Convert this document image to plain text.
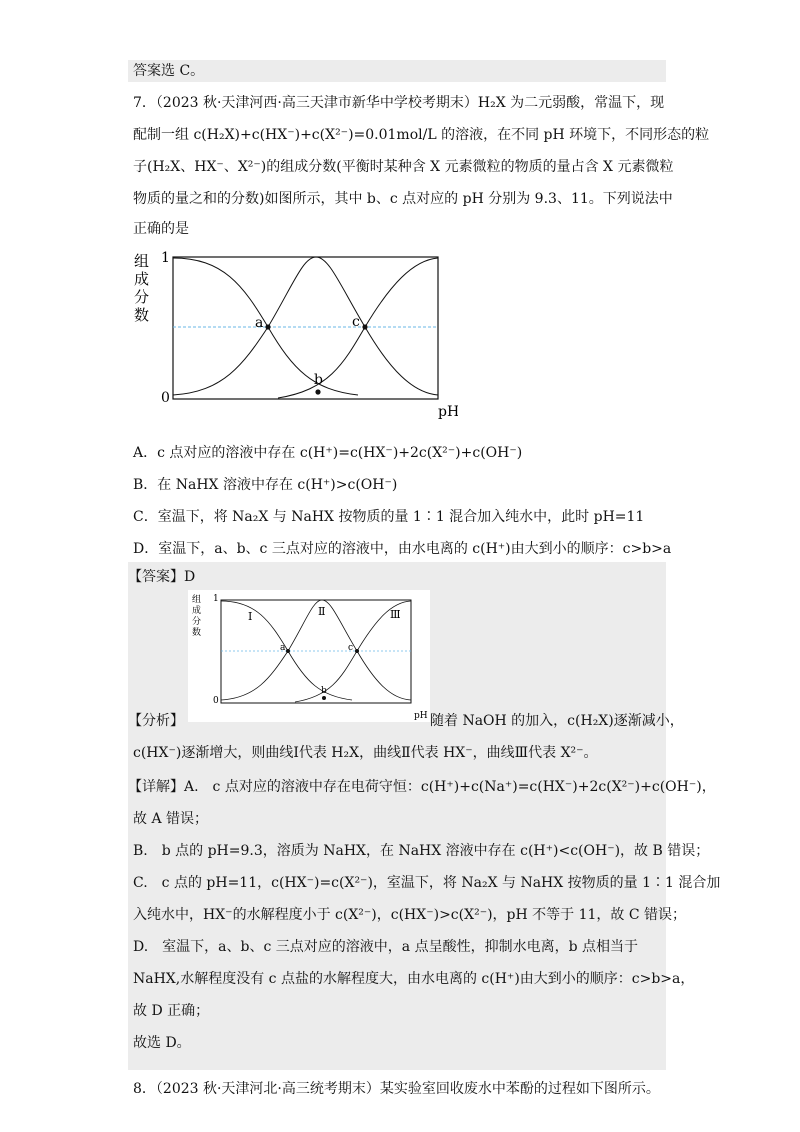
答案选 C。
7．（2023 秋·天津河西·高三天津市新华中学校考期末）H₂X 为二元弱酸，常温下，现
配制一组 c(H₂X)+c(HX⁻)+c(X²⁻)=0.01mol/L 的溶液，在不同 pH 环境下，不同形态的粒
子(H₂X、HX⁻、X²⁻)的组成分数(平衡时某种含 X 元素微粒的物质的量占含 X 元素微粒
物质的量之和的分数)如图所示，其中 b、c 点对应的 pH 分别为 9.3、11。下列说法中
正确的是
组
成
分
数
1
0
a	c
b
pH
A．c 点对应的溶液中存在 c(H⁺)=c(HX⁻)+2c(X²⁻)+c(OH⁻)
B．在 NaHX 溶液中存在 c(H⁺)>c(OH⁻)
C．室温下，将 Na₂X 与 NaHX 按物质的量 1∶1 混合加入纯水中，此时 pH=11
D．室温下，a、b、c 三点对应的溶液中，由水电离的 c(H⁺)由大到小的顺序：c>b>a
【答案】D
组
成
分
数
1
0
a	c
b
Ⅰ	Ⅱ	Ⅲ
pH
【分析】	随着 NaOH 的加入，c(H₂X)逐渐减小，
c(HX⁻)逐渐增大，则曲线Ⅰ代表 H₂X，曲线Ⅱ代表 HX⁻，曲线Ⅲ代表 X²⁻。
【详解】A.　c 点对应的溶液中存在电荷守恒：c(H⁺)+c(Na⁺)=c(HX⁻)+2c(X²⁻)+c(OH⁻)，
故 A 错误；
B.　b 点的 pH=9.3，溶质为 NaHX，在 NaHX 溶液中存在 c(H⁺)<c(OH⁻)，故 B 错误；
C.　c 点的 pH=11，c(HX⁻)=c(X²⁻)，室温下，将 Na₂X 与 NaHX 按物质的量 1∶1 混合加
入纯水中，HX⁻的水解程度小于 c(X²⁻)，c(HX⁻)>c(X²⁻)，pH 不等于 11，故 C 错误；
D.　室温下，a、b、c 三点对应的溶液中，a 点呈酸性，抑制水电离，b 点相当于
NaHX,水解程度没有 c 点盐的水解程度大，由水电离的 c(H⁺)由大到小的顺序：c>b>a，
故 D 正确；
故选 D。
8．（2023 秋·天津河北·高三统考期末）某实验室回收废水中苯酚的过程如下图所示。
